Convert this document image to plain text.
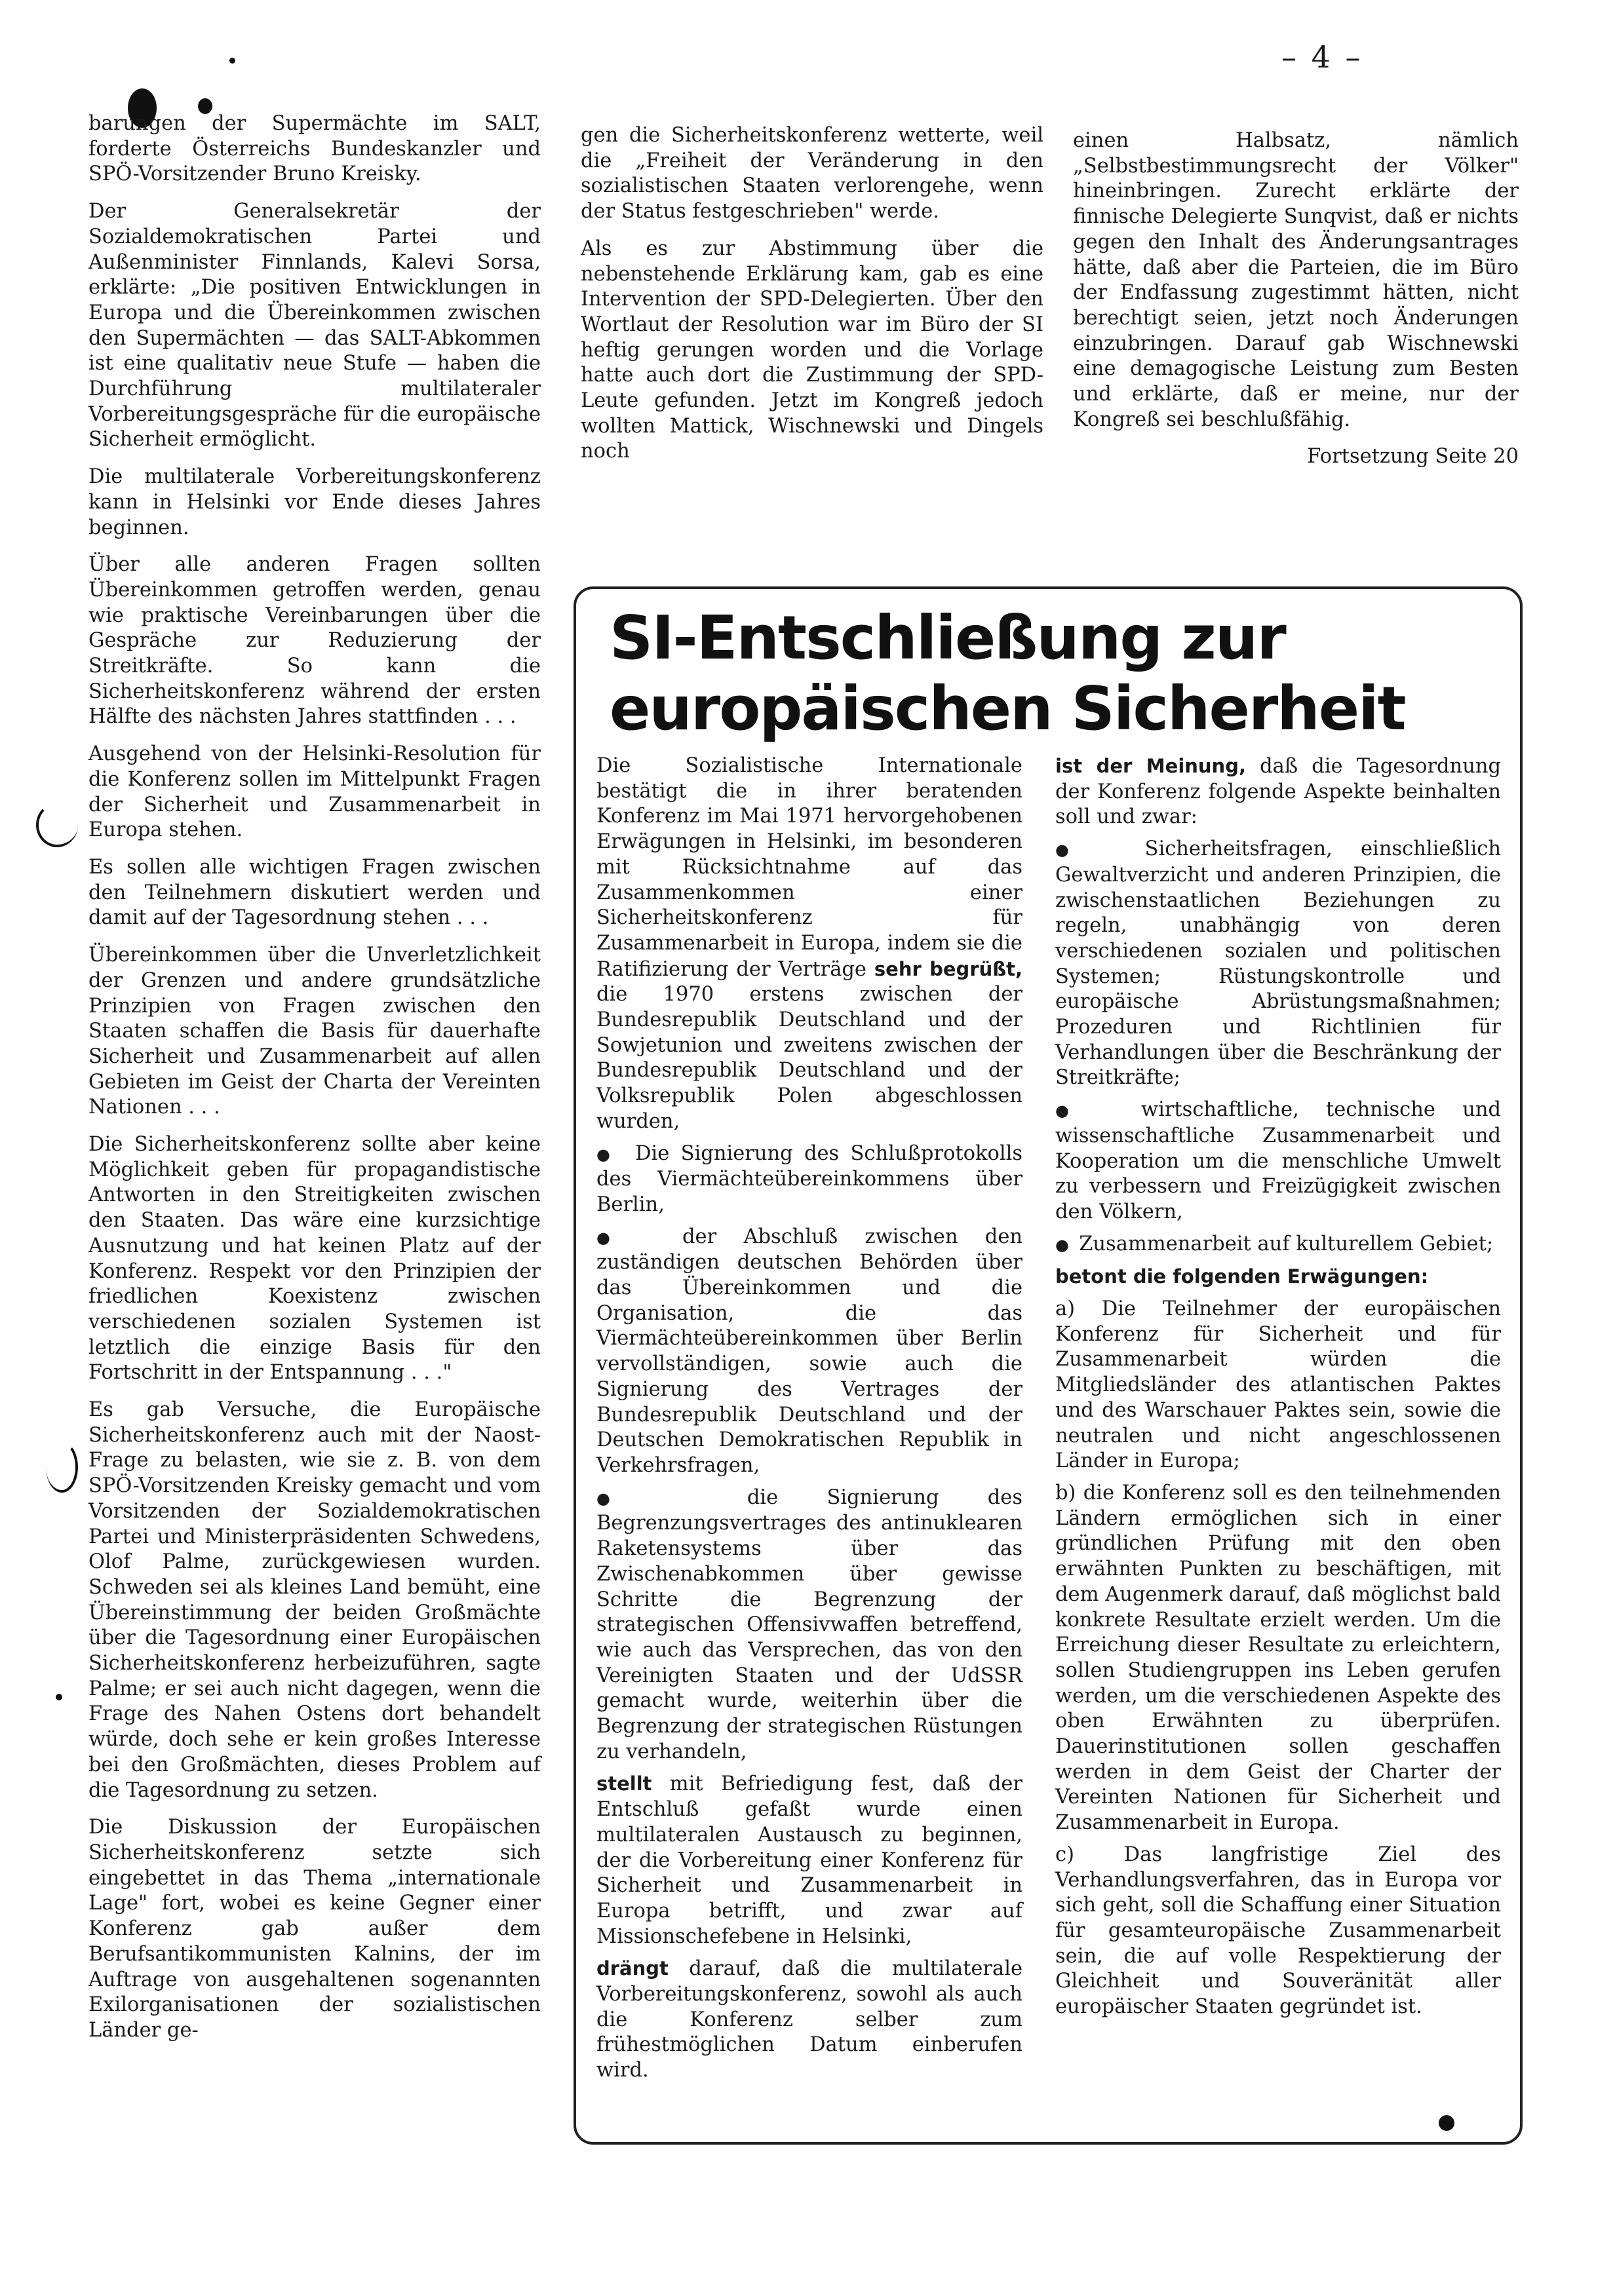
– 4 –

barungen der Supermächte im SALT, forderte Österreichs Bundeskanzler und SPÖ-Vorsitzender Bruno Kreisky.

Der Generalsekretär der Sozialdemokratischen Partei und Außenminister Finnlands, Kalevi Sorsa, erklärte: „Die positiven Entwicklungen in Europa und die Übereinkommen zwischen den Supermächten — das SALT-Abkommen ist eine qualitativ neue Stufe — haben die Durchführung multilateraler Vorbereitungsgespräche für die europäische Sicherheit ermöglicht.

Die multilaterale Vorbereitungskonferenz kann in Helsinki vor Ende dieses Jahres beginnen.

Über alle anderen Fragen sollten Übereinkommen getroffen werden, genau wie praktische Vereinbarungen über die Gespräche zur Reduzierung der Streitkräfte. So kann die Sicherheitskonferenz während der ersten Hälfte des nächsten Jahres stattfinden . . .

Ausgehend von der Helsinki-Resolution für die Konferenz sollen im Mittelpunkt Fragen der Sicherheit und Zusammenarbeit in Europa stehen.

Es sollen alle wichtigen Fragen zwischen den Teilnehmern diskutiert werden und damit auf der Tagesordnung stehen . . .

Übereinkommen über die Unverletzlichkeit der Grenzen und andere grundsätzliche Prinzipien von Fragen zwischen den Staaten schaffen die Basis für dauerhafte Sicherheit und Zusammenarbeit auf allen Gebieten im Geist der Charta der Vereinten Nationen . . .

Die Sicherheitskonferenz sollte aber keine Möglichkeit geben für propagandistische Antworten in den Streitigkeiten zwischen den Staaten. Das wäre eine kurzsichtige Ausnutzung und hat keinen Platz auf der Konferenz. Respekt vor den Prinzipien der friedlichen Koexistenz zwischen verschiedenen sozialen Systemen ist letztlich die einzige Basis für den Fortschritt in der Entspannung . . ."

Es gab Versuche, die Europäische Sicherheitskonferenz auch mit der Naost-Frage zu belasten, wie sie z. B. von dem SPÖ-Vorsitzenden Kreisky gemacht und vom Vorsitzenden der Sozialdemokratischen Partei und Ministerpräsidenten Schwedens, Olof Palme, zurückgewiesen wurden. Schweden sei als kleines Land bemüht, eine Übereinstimmung der beiden Großmächte über die Tagesordnung einer Europäischen Sicherheitskonferenz herbeizuführen, sagte Palme; er sei auch nicht dagegen, wenn die Frage des Nahen Ostens dort behandelt würde, doch sehe er kein großes Interesse bei den Großmächten, dieses Problem auf die Tagesordnung zu setzen.

Die Diskussion der Europäischen Sicherheitskonferenz setzte sich eingebettet in das Thema „internationale Lage" fort, wobei es keine Gegner einer Konferenz gab außer dem Berufsantikommunisten Kalnins, der im Auftrage von ausgehaltenen sogenannten Exilorganisationen der sozialistischen Länder ge-

gen die Sicherheitskonferenz wetterte, weil die „Freiheit der Veränderung in den sozialistischen Staaten verlorengehe, wenn der Status festgeschrieben" werde.

Als es zur Abstimmung über die nebenstehende Erklärung kam, gab es eine Intervention der SPD-Delegierten. Über den Wortlaut der Resolution war im Büro der SI heftig gerungen worden und die Vorlage hatte auch dort die Zustimmung der SPD-Leute gefunden. Jetzt im Kongreß jedoch wollten Mattick, Wischnewski und Dingels noch

einen Halbsatz, nämlich „Selbstbestimmungsrecht der Völker" hineinbringen. Zurecht erklärte der finnische Delegierte Sunqvist, daß er nichts gegen den Inhalt des Änderungsantrages hätte, daß aber die Parteien, die im Büro der Endfassung zugestimmt hätten, nicht berechtigt seien, jetzt noch Änderungen einzubringen. Darauf gab Wischnewski eine demagogische Leistung zum Besten und erklärte, daß er meine, nur der Kongreß sei beschlußfähig.

Fortsetzung Seite 20

SI-Entschließung zur
europäischen Sicherheit

Die Sozialistische Internationale bestätigt die in ihrer beratenden Konferenz im Mai 1971 hervorgehobenen Erwägungen in Helsinki, im besonderen mit Rücksichtnahme auf das Zusammenkommen einer Sicherheitskonferenz für Zusammenarbeit in Europa, indem sie die Ratifizierung der Verträge sehr begrüßt, die 1970 erstens zwischen der Bundesrepublik Deutschland und der Sowjetunion und zweitens zwischen der Bundesrepublik Deutschland und der Volksrepublik Polen abgeschlossen wurden,

●  Die Signierung des Schlußprotokolls des Viermächteübereinkommens über Berlin,

●  der Abschluß zwischen den zuständigen deutschen Behörden über das Übereinkommen und die Organisation, die das Viermächteübereinkommen über Berlin vervollständigen, sowie auch die Signierung des Vertrages der Bundesrepublik Deutschland und der Deutschen Demokratischen Republik in Verkehrsfragen,

●  die Signierung des Begrenzungsvertrages des antinuklearen Raketensystems über das Zwischenabkommen über gewisse Schritte die Begrenzung der strategischen Offensivwaffen betreffend, wie auch das Versprechen, das von den Vereinigten Staaten und der UdSSR gemacht wurde, weiterhin über die Begrenzung der strategischen Rüstungen zu verhandeln,

stellt mit Befriedigung fest, daß der Entschluß gefaßt wurde einen multilateralen Austausch zu beginnen, der die Vorbereitung einer Konferenz für Sicherheit und Zusammenarbeit in Europa betrifft, und zwar auf Missionschefebene in Helsinki,

drängt darauf, daß die multilaterale Vorbereitungskonferenz, sowohl als auch die Konferenz selber zum frühestmöglichen Datum einberufen wird.

ist der Meinung, daß die Tagesordnung der Konferenz folgende Aspekte beinhalten soll und zwar:

●  Sicherheitsfragen, einschließlich Gewaltverzicht und anderen Prinzipien, die zwischenstaatlichen Beziehungen zu regeln, unabhängig von deren verschiedenen sozialen und politischen Systemen; Rüstungskontrolle und europäische Abrüstungsmaßnahmen; Prozeduren und Richtlinien für Verhandlungen über die Beschränkung der Streitkräfte;

●  wirtschaftliche, technische und wissenschaftliche Zusammenarbeit und Kooperation um die menschliche Umwelt zu verbessern und Freizügigkeit zwischen den Völkern,

●  Zusammenarbeit auf kulturellem Gebiet;

betont die folgenden Erwägungen:

a) Die Teilnehmer der europäischen Konferenz für Sicherheit und für Zusammenarbeit würden die Mitgliedsländer des atlantischen Paktes und des Warschauer Paktes sein, sowie die neutralen und nicht angeschlossenen Länder in Europa;

b) die Konferenz soll es den teilnehmenden Ländern ermöglichen sich in einer gründlichen Prüfung mit den oben erwähnten Punkten zu beschäftigen, mit dem Augenmerk darauf, daß möglichst bald konkrete Resultate erzielt werden. Um die Erreichung dieser Resultate zu erleichtern, sollen Studiengruppen ins Leben gerufen werden, um die verschiedenen Aspekte des oben Erwähnten zu überprüfen. Dauerinstitutionen sollen geschaffen werden in dem Geist der Charter der Vereinten Nationen für Sicherheit und Zusammenarbeit in Europa.

c) Das langfristige Ziel des Verhandlungsverfahren, das in Europa vor sich geht, soll die Schaffung einer Situation für gesamteuropäische Zusammenarbeit sein, die auf volle Respektierung der Gleichheit und Souveränität aller europäischer Staaten gegründet ist.
